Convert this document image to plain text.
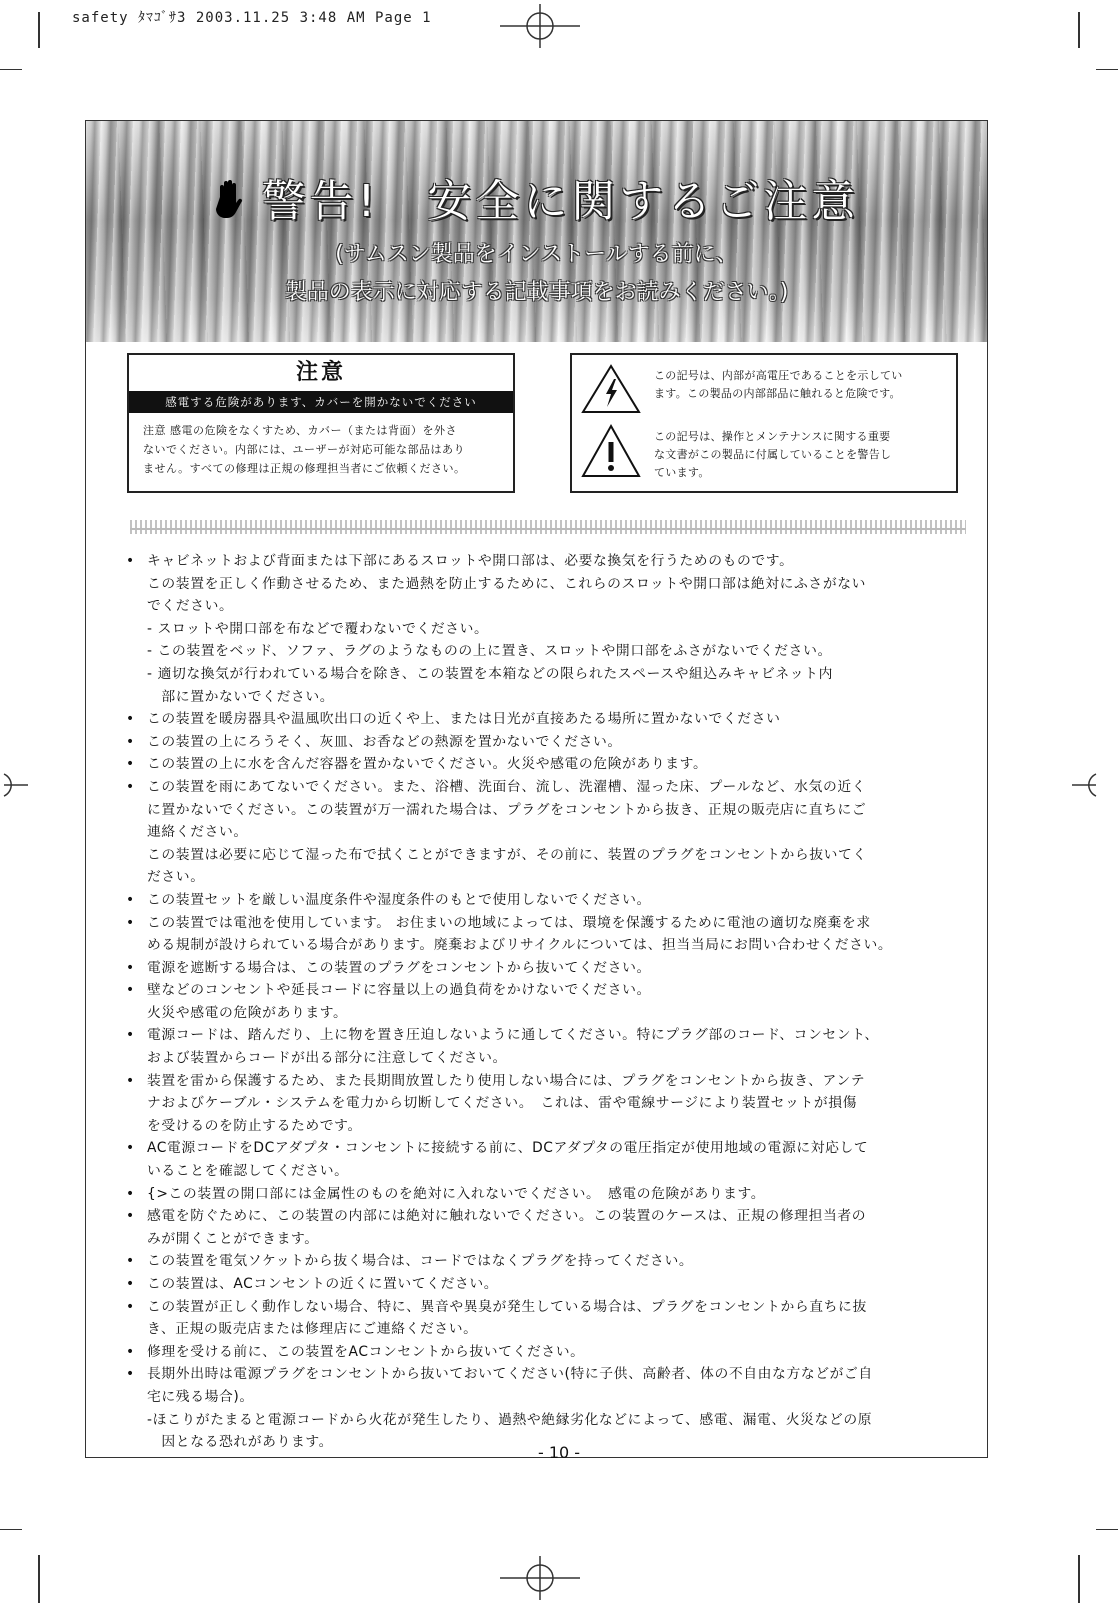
safety ﾀﾏｺﾞｻ3 2003.11.25 3:48 AM Page 1
警告!　安全に関するご注意
(サムスン製品をインストールする前に、
製品の表示に対応する記載事項をお読みください。)
注意
感電する危険があります、カバーを開かないでください
注意 感電の危険をなくすため、カバー（または背面）を外さ
ないでください。内部には、ユーザーが対応可能な部品はあり
ません。すべての修理は正規の修理担当者にご依頼ください。
この記号は、内部が高電圧であることを示してい
ます。この製品の内部部品に触れると危険です。
この記号は、操作とメンテナンスに関する重要
な文書がこの製品に付属していることを警告し
ています。
• キャビネットおよび背面または下部にあるスロットや開口部は、必要な換気を行うためのものです。
この装置を正しく作動させるため、また過熱を防止するために、これらのスロットや開口部は絶対にふさがない
でください。
- スロットや開口部を布などで覆わないでください。
- この装置をベッド、ソファ、ラグのようなものの上に置き、スロットや開口部をふさがないでください。
- 適切な換気が行われている場合を除き、この装置を本箱などの限られたスペースや組込みキャビネット内
　部に置かないでください。
• この装置を暖房器具や温風吹出口の近くや上、または日光が直接あたる場所に置かないでください
• この装置の上にろうそく、灰皿、お香などの熱源を置かないでください。
• この装置の上に水を含んだ容器を置かないでください。火災や感電の危険があります。
• この装置を雨にあてないでください。また、浴槽、洗面台、流し、洗濯槽、湿った床、プールなど、水気の近く
に置かないでください。この装置が万一濡れた場合は、プラグをコンセントから抜き、正規の販売店に直ちにご
連絡ください。
この装置は必要に応じて湿った布で拭くことができますが、その前に、装置のプラグをコンセントから抜いてく
ださい。
• この装置セットを厳しい温度条件や湿度条件のもとで使用しないでください。
• この装置では電池を使用しています。 お住まいの地域によっては、環境を保護するために電池の適切な廃棄を求
める規制が設けられている場合があります。廃棄およびリサイクルについては、担当当局にお問い合わせください。
• 電源を遮断する場合は、この装置のプラグをコンセントから抜いてください。
• 壁などのコンセントや延長コードに容量以上の過負荷をかけないでください。
火災や感電の危険があります。
• 電源コードは、踏んだり、上に物を置き圧迫しないように通してください。特にプラグ部のコード、コンセント、
および装置からコードが出る部分に注意してください。
• 装置を雷から保護するため、また長期間放置したり使用しない場合には、プラグをコンセントから抜き、アンテ
ナおよびケーブル・システムを電力から切断してください。　これは、雷や電線サージにより装置セットが損傷
を受けるのを防止するためです。
• AC電源コードをDCアダプタ・コンセントに接続する前に、DCアダプタの電圧指定が使用地域の電源に対応して
いることを確認してください。
• {>この装置の開口部には金属性のものを絶対に入れないでください。　感電の危険があります。
• 感電を防ぐために、この装置の内部には絶対に触れないでください。この装置のケースは、正規の修理担当者の
みが開くことができます。
• この装置を電気ソケットから抜く場合は、コードではなくプラグを持ってください。
• この装置は、ACコンセントの近くに置いてください。
• この装置が正しく動作しない場合、特に、異音や異臭が発生している場合は、プラグをコンセントから直ちに抜
き、正規の販売店または修理店にご連絡ください。
• 修理を受ける前に、この装置をACコンセントから抜いてください。
• 長期外出時は電源プラグをコンセントから抜いておいてください(特に子供、高齢者、体の不自由な方などがご自
宅に残る場合)。
-ほこりがたまると電源コードから火花が発生したり、過熱や絶縁劣化などによって、感電、漏電、火災などの原
　因となる恐れがあります。
- 10 -
